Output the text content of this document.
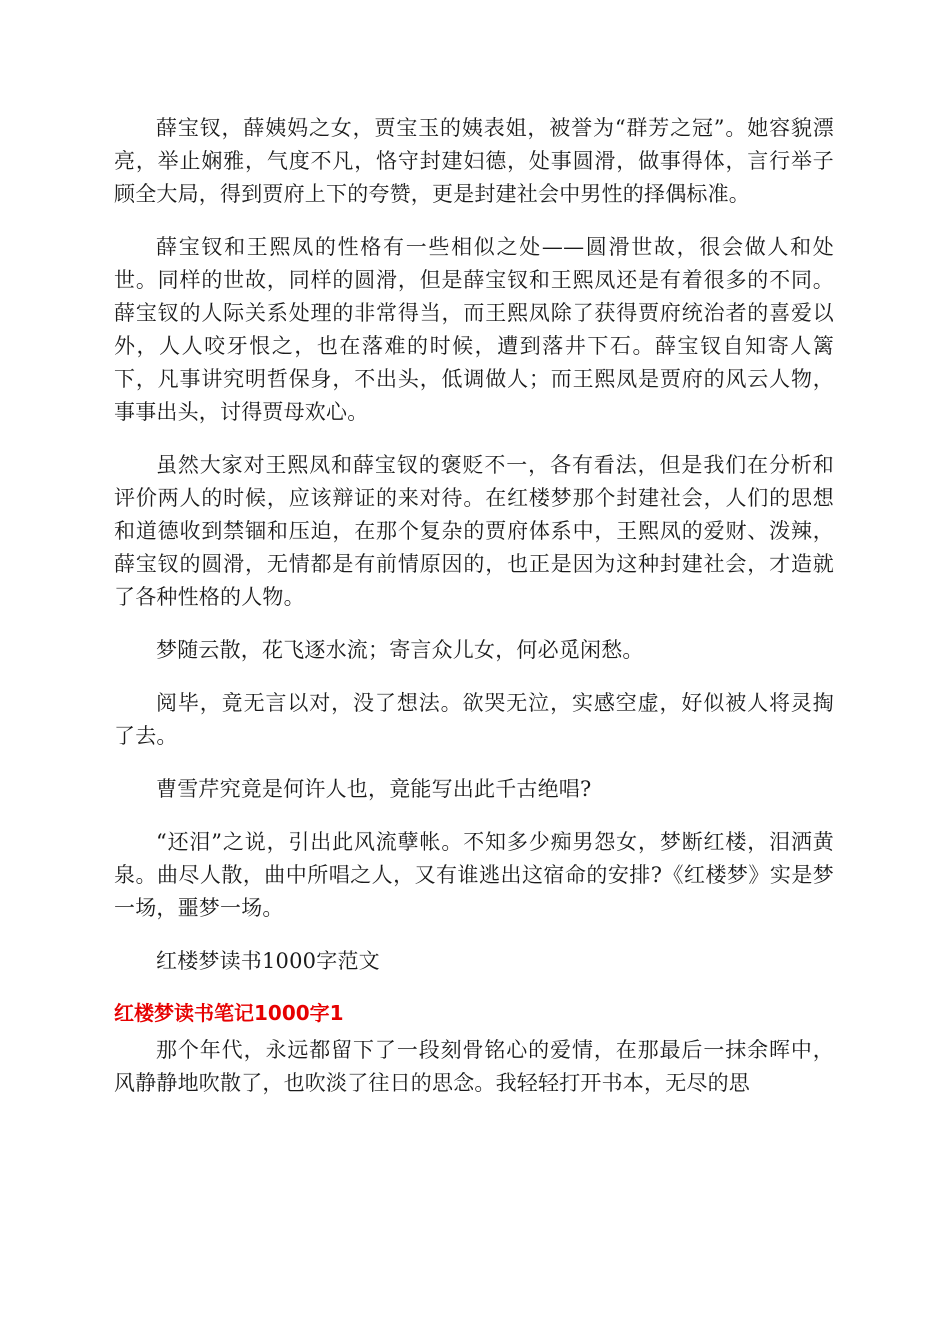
薛宝钗，薛姨妈之女，贾宝玉的姨表姐，被誉为“群芳之冠”。她容貌漂亮，举止娴雅，气度不凡，恪守封建妇德，处事圆滑，做事得体，言行举子顾全大局，得到贾府上下的夸赞，更是封建社会中男性的择偶标准。

薛宝钗和王熙凤的性格有一些相似之处——圆滑世故，很会做人和处世。同样的世故，同样的圆滑，但是薛宝钗和王熙凤还是有着很多的不同。薛宝钗的人际关系处理的非常得当，而王熙凤除了获得贾府统治者的喜爱以外，人人咬牙恨之，也在落难的时候，遭到落井下石。薛宝钗自知寄人篱下，凡事讲究明哲保身，不出头，低调做人；而王熙凤是贾府的风云人物，事事出头，讨得贾母欢心。

虽然大家对王熙凤和薛宝钗的褒贬不一，各有看法，但是我们在分析和评价两人的时候，应该辩证的来对待。在红楼梦那个封建社会，人们的思想和道德收到禁锢和压迫，在那个复杂的贾府体系中，王熙凤的爱财、泼辣，薛宝钗的圆滑，无情都是有前情原因的，也正是因为这种封建社会，才造就了各种性格的人物。

梦随云散，花飞逐水流；寄言众儿女，何必觅闲愁。

阅毕，竟无言以对，没了想法。欲哭无泣，实感空虚，好似被人将灵掏了去。

曹雪芹究竟是何许人也，竟能写出此千古绝唱?

“还泪”之说，引出此风流孽帐。不知多少痴男怨女，梦断红楼，泪洒黄泉。曲尽人散，曲中所唱之人，又有谁逃出这宿命的安排?《红楼梦》实是梦一场，噩梦一场。

红楼梦读书1000字范文

红楼梦读书笔记1000字1

那个年代，永远都留下了一段刻骨铭心的爱情，在那最后一抹余晖中，风静静地吹散了，也吹淡了往日的思念。我轻轻打开书本，无尽的思
